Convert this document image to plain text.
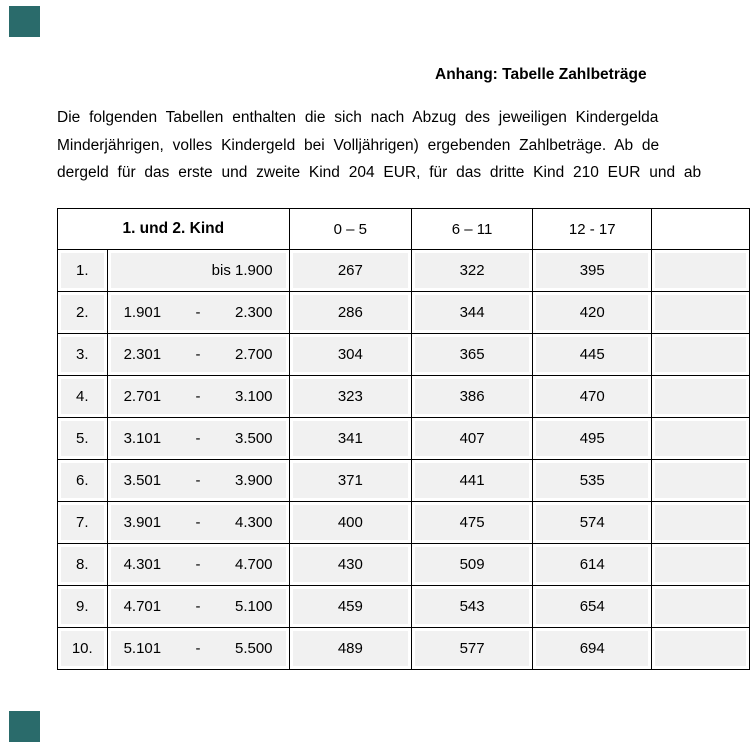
Anhang: Tabelle Zahlbeträge
Die folgenden Tabellen enthalten die sich nach Abzug des jeweiligen Kindergelda
Minderjährigen, volles Kindergeld bei Volljährigen) ergebenden Zahlbeträge. Ab de
dergeld für das erste und zweite Kind 204 EUR, für das dritte Kind 210 EUR und ab
1. und 2. Kind		0 – 5	6 – 11	12 - 17	
1.	bis 1.900	267	322	395	
2.	1.901 - 2.300	286	344	420	
3.	2.301 - 2.700	304	365	445	
4.	2.701 - 3.100	323	386	470	
5.	3.101 - 3.500	341	407	495	
6.	3.501 - 3.900	371	441	535	
7.	3.901 - 4.300	400	475	574	
8.	4.301 - 4.700	430	509	614	
9.	4.701 - 5.100	459	543	654	
10.	5.101 - 5.500	489	577	694	
